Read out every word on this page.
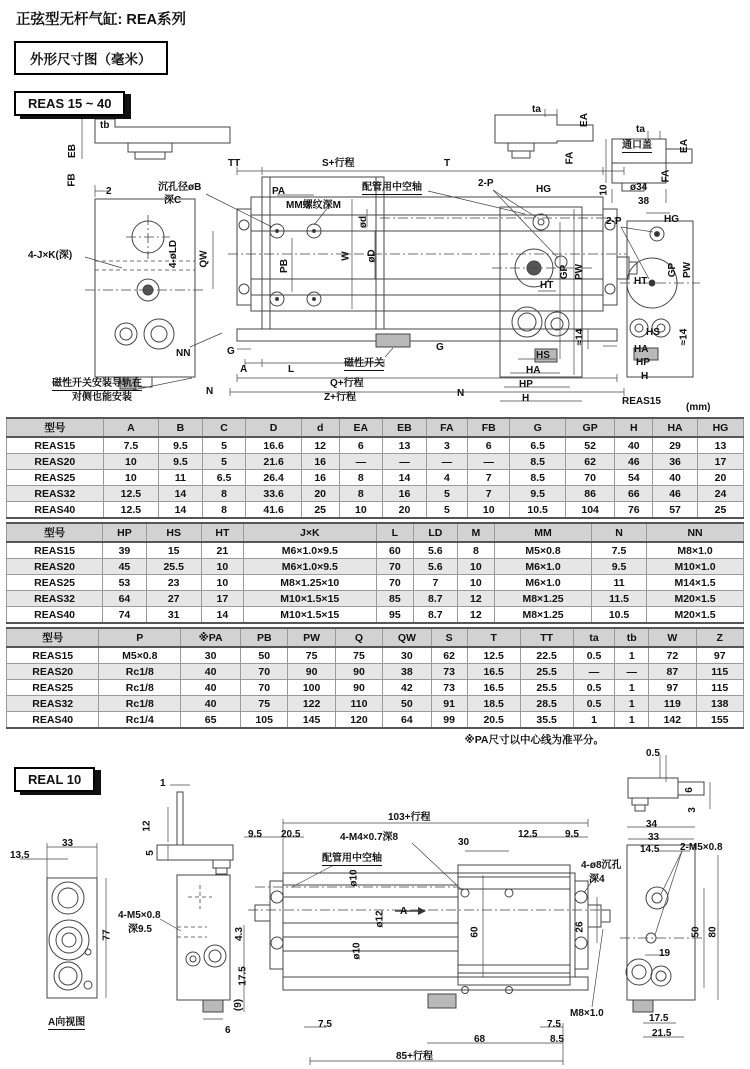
正弦型无杆气缸: REA系列
外形尺寸图（毫米）
REAS 15 ~ 40
tb
EB
FB
2	沉孔径øB
深C
4-J×K(深)	4-øLD
TT	S+行程	T
PA
MM螺纹深M
配管用中空轴
ød
QW	PB
W øD
NN	G
A	L
G
磁性开关
Q+行程
Z+行程
N	N
磁性开关安装导轨在
对侧也能安装
ta
EA
FA
ta
通口盖	EA
FA
10 ø34
38
2-P
HG
2-P	HG
HT
GP PW
HS
HA
HP
H
≈14
HT
GP PW
HS
HA
HP
H
≈14
REAS15
(mm)
型号	A	B	C	D	d	EA	EB	FA	FB	G	GP	H	HA	HG
REAS15	7.5	9.5	5	16.6	12	6	13	3	6	6.5	52	40	29	13
REAS20	10	9.5	5	21.6	16	—	—	—	—	8.5	62	46	36	17
REAS25	10	11	6.5	26.4	16	8	14	4	7	8.5	70	54	40	20
REAS32	12.5	14	8	33.6	20	8	16	5	7	9.5	86	66	46	24
REAS40	12.5	14	8	41.6	25	10	20	5	10	10.5	104	76	57	25
型号	HP	HS	HT	J×K	L	LD	M	MM	N	NN
REAS15	39	15	21	M6×1.0×9.5	60	5.6	8	M5×0.8	7.5	M8×1.0
REAS20	45	25.5	10	M6×1.0×9.5	70	5.6	10	M6×1.0	9.5	M10×1.0
REAS25	53	23	10	M8×1.25×10	70	7	10	M6×1.0	11	M14×1.5
REAS32	64	27	17	M10×1.5×15	85	8.7	12	M8×1.25	11.5	M20×1.5
REAS40	74	31	14	M10×1.5×15	95	8.7	12	M8×1.25	10.5	M20×1.5
型号	P	※PA	PB	PW	Q	QW	S	T	TT	ta	tb	W	Z
REAS15	M5×0.8	30	50	75	75	30	62	12.5	22.5	0.5	1	72	97
REAS20	Rc1/8	40	70	90	90	38	73	16.5	25.5	—	—	87	115
REAS25	Rc1/8	40	70	100	90	42	73	16.5	25.5	0.5	1	97	115
REAS32	Rc1/8	40	75	122	110	50	91	18.5	28.5	0.5	1	119	138
REAS40	Rc1/4	65	105	145	120	64	99	20.5	35.5	1	1	142	155
※PA尺寸以中心线为准平分。
REAL 10
33
13.5
77
A向视图
1
12
5
4-M5×0.8
深9.5	4.3
17.5
(9)
6
9.5 20.5
103+行程
4-M4×0.7深8	30
12.5	9.5
配管用中空轴
ø10
A
ø12
ø10
60
4-ø8沉孔
深4
26
M8×1.0
7.5
68
7.5
8.5
85+行程
0.5
6
3
34
33
14.5 2-M5×0.8
50 80
19
17.5
21.5
